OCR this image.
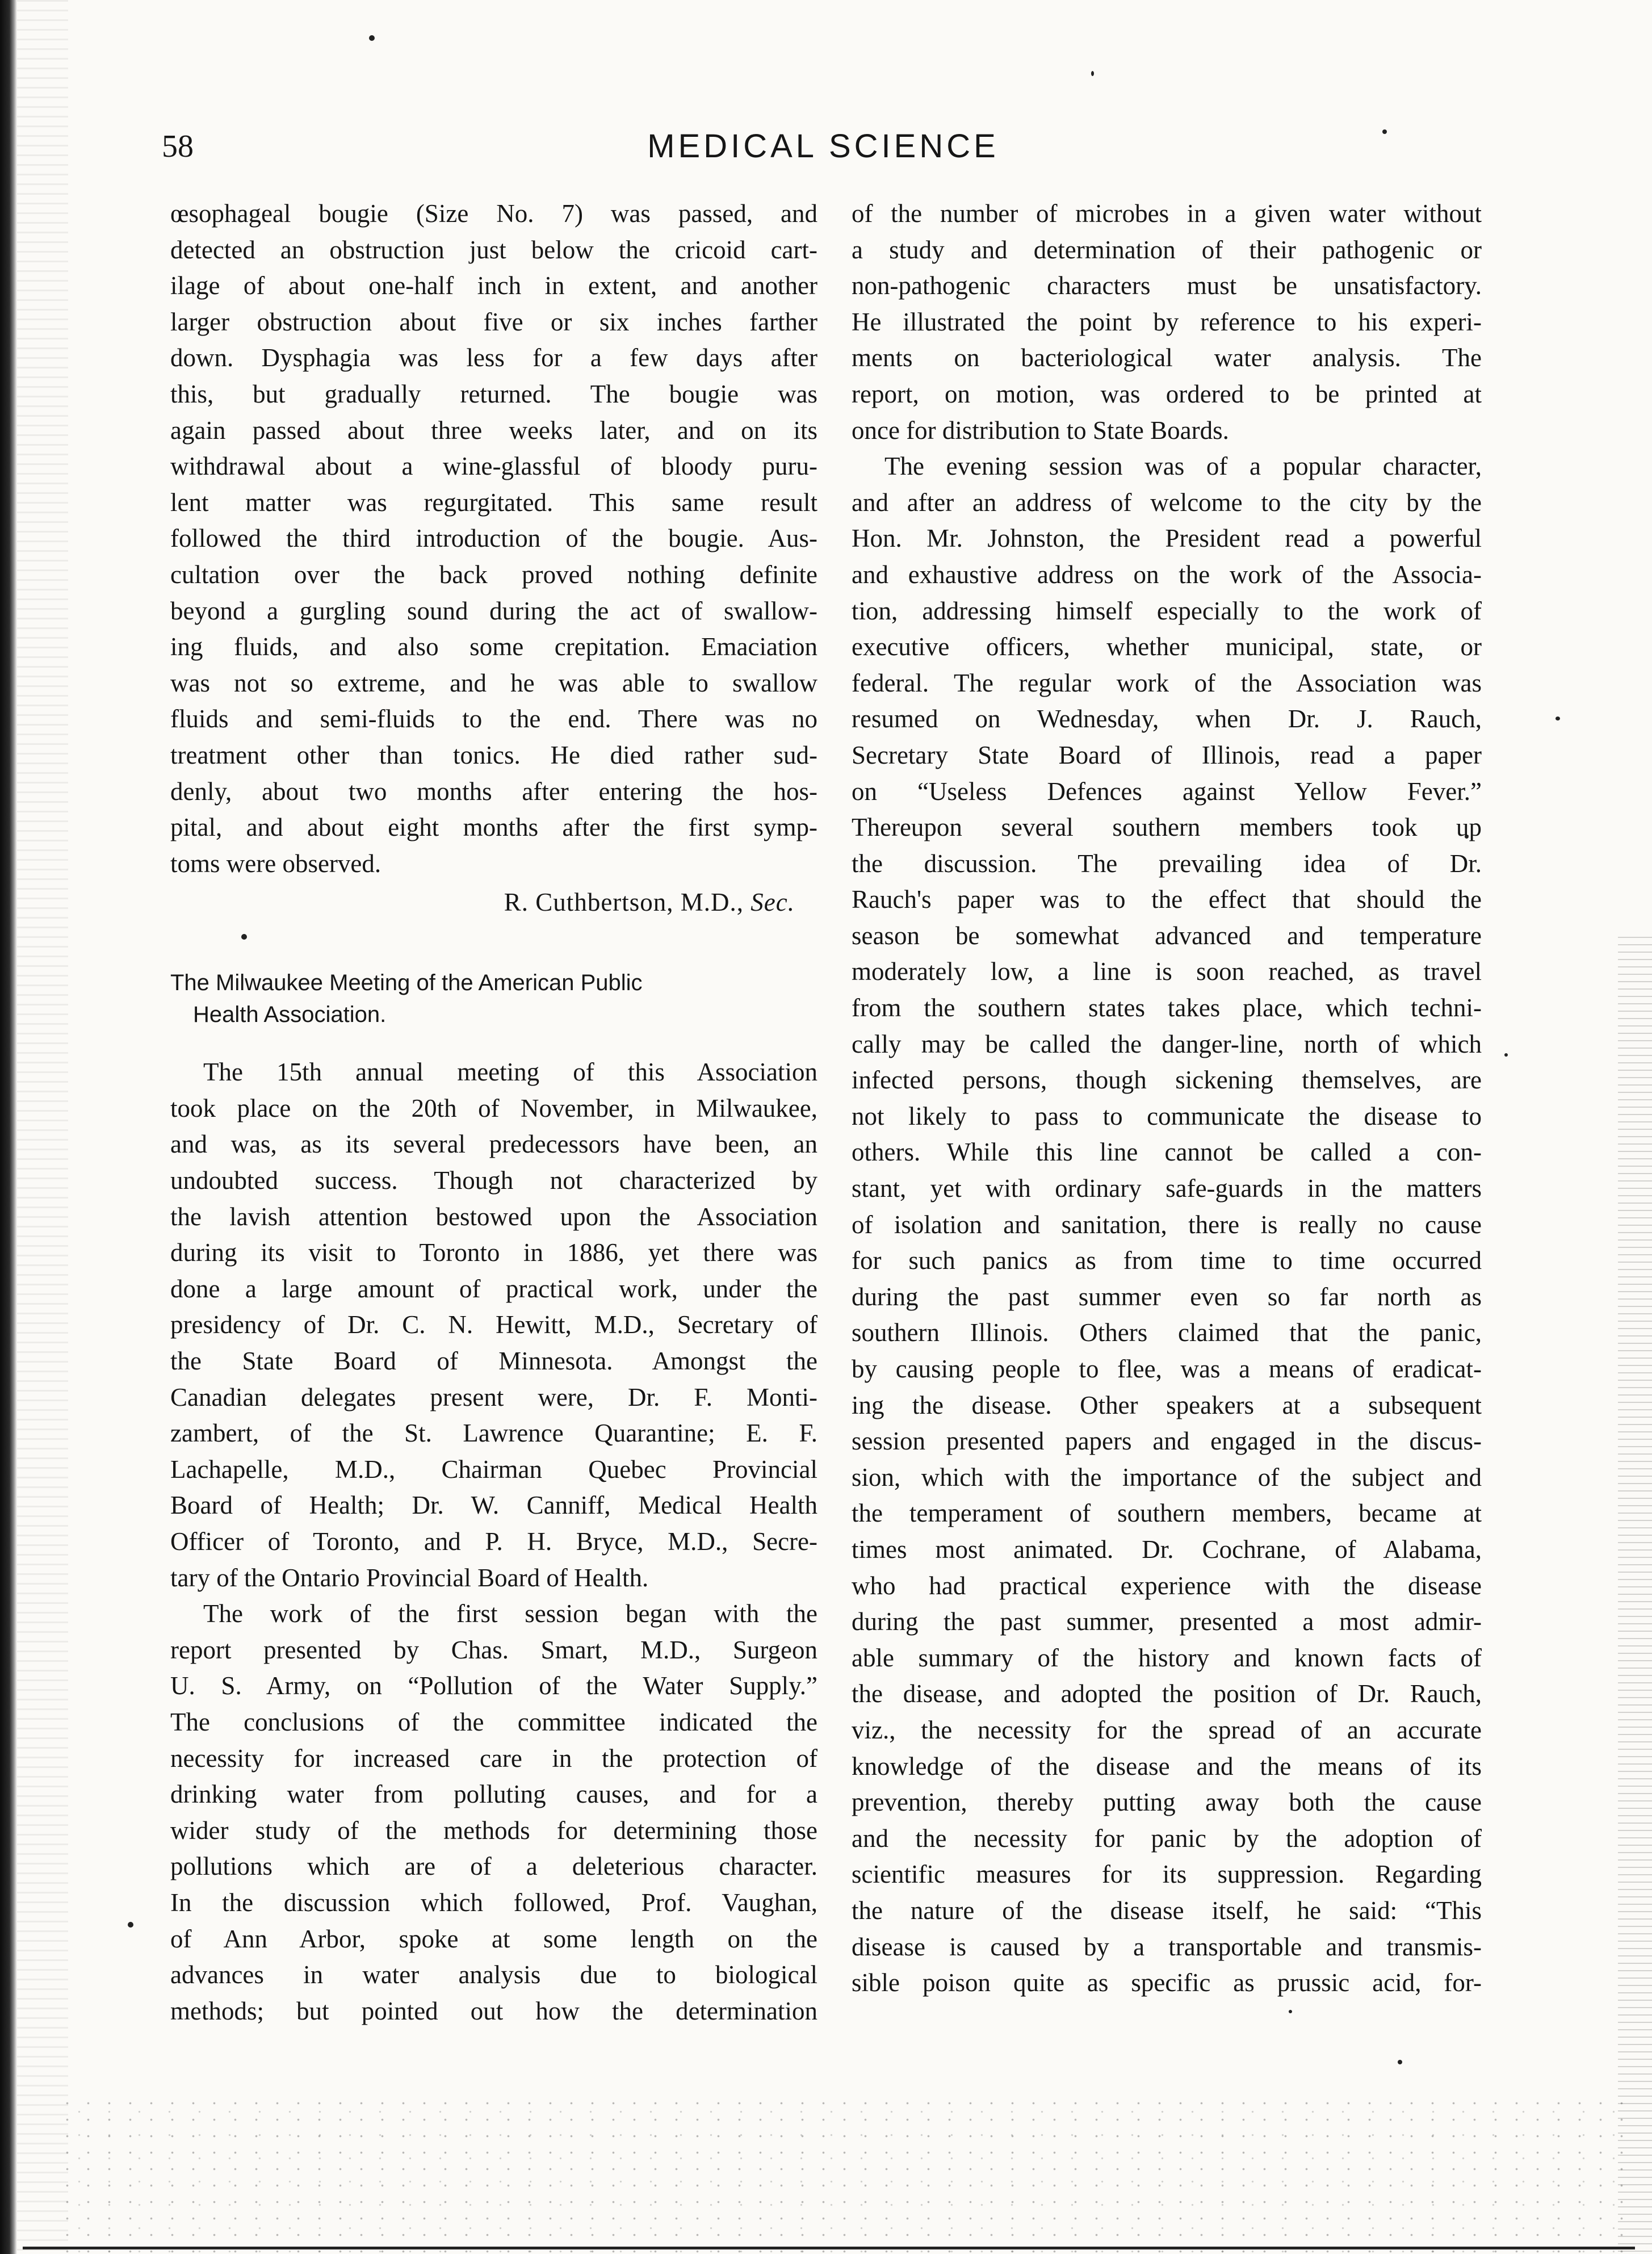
58	MEDICAL SCIENCE
œsophageal bougie (Size No. 7) was passed, and
detected an obstruction just below the cricoid cart-
ilage of about one-half inch in extent, and another
larger obstruction about five or six inches farther
down. Dysphagia was less for a few days after
this, but gradually returned. The bougie was
again passed about three weeks later, and on its
withdrawal about a wine-glassful of bloody puru-
lent matter was regurgitated. This same result
followed the third introduction of the bougie. Aus-
cultation over the back proved nothing definite
beyond a gurgling sound during the act of swallow-
ing fluids, and also some crepitation. Emaciation
was not so extreme, and he was able to swallow
fluids and semi-fluids to the end. There was no
treatment other than tonics. He died rather sud-
denly, about two months after entering the hos-
pital, and about eight months after the first symp-
toms were observed.
R. Cuthbertson, M.D., Sec.
The Milwaukee Meeting of the American Public
Health Association.
The 15th annual meeting of this Association
took place on the 20th of November, in Milwaukee,
and was, as its several predecessors have been, an
undoubted success. Though not characterized by
the lavish attention bestowed upon the Association
during its visit to Toronto in 1886, yet there was
done a large amount of practical work, under the
presidency of Dr. C. N. Hewitt, M.D., Secretary of
the State Board of Minnesota. Amongst the
Canadian delegates present were, Dr. F. Monti-
zambert, of the St. Lawrence Quarantine; E. F.
Lachapelle, M.D., Chairman Quebec Provincial
Board of Health; Dr. W. Canniff, Medical Health
Officer of Toronto, and P. H. Bryce, M.D., Secre-
tary of the Ontario Provincial Board of Health.
The work of the first session began with the
report presented by Chas. Smart, M.D., Surgeon
U. S. Army, on “Pollution of the Water Supply.”
The conclusions of the committee indicated the
necessity for increased care in the protection of
drinking water from polluting causes, and for a
wider study of the methods for determining those
pollutions which are of a deleterious character.
In the discussion which followed, Prof. Vaughan,
of Ann Arbor, spoke at some length on the
advances in water analysis due to biological
methods; but pointed out how the determination
of the number of microbes in a given water without
a study and determination of their pathogenic or
non-pathogenic characters must be unsatisfactory.
He illustrated the point by reference to his experi-
ments on bacteriological water analysis. The
report, on motion, was ordered to be printed at
once for distribution to State Boards.
The evening session was of a popular character,
and after an address of welcome to the city by the
Hon. Mr. Johnston, the President read a powerful
and exhaustive address on the work of the Associa-
tion, addressing himself especially to the work of
executive officers, whether municipal, state, or
federal. The regular work of the Association was
resumed on Wednesday, when Dr. J. Rauch,
Secretary State Board of Illinois, read a paper
on “Useless Defences against Yellow Fever.”
Thereupon several southern members took up
the discussion. The prevailing idea of Dr.
Rauch's paper was to the effect that should the
season be somewhat advanced and temperature
moderately low, a line is soon reached, as travel
from the southern states takes place, which techni-
cally may be called the danger-line, north of which
infected persons, though sickening themselves, are
not likely to pass to communicate the disease to
others. While this line cannot be called a con-
stant, yet with ordinary safe-guards in the matters
of isolation and sanitation, there is really no cause
for such panics as from time to time occurred
during the past summer even so far north as
southern Illinois. Others claimed that the panic,
by causing people to flee, was a means of eradicat-
ing the disease. Other speakers at a subsequent
session presented papers and engaged in the discus-
sion, which with the importance of the subject and
the temperament of southern members, became at
times most animated. Dr. Cochrane, of Alabama,
who had practical experience with the disease
during the past summer, presented a most admir-
able summary of the history and known facts of
the disease, and adopted the position of Dr. Rauch,
viz., the necessity for the spread of an accurate
knowledge of the disease and the means of its
prevention, thereby putting away both the cause
and the necessity for panic by the adoption of
scientific measures for its suppression. Regarding
the nature of the disease itself, he said: “This
disease is caused by a transportable and transmis-
sible poison quite as specific as prussic acid, for-
